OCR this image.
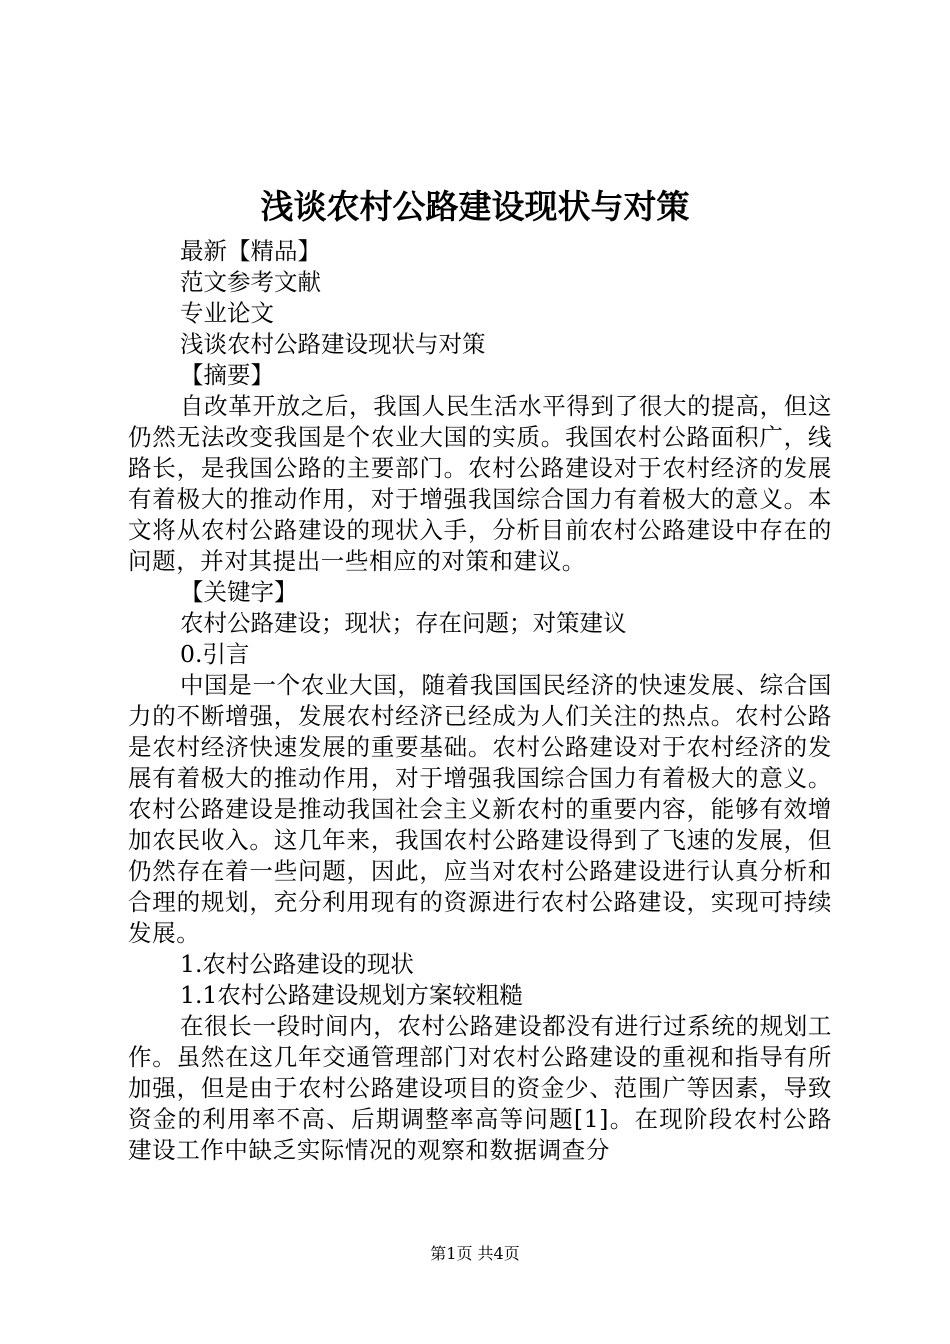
浅谈农村公路建设现状与对策

最新【精品】

范文参考文献

专业论文

浅谈农村公路建设现状与对策

【摘要】

自改革开放之后，我国人民生活水平得到了很大的提高，但这仍然无法改变我国是个农业大国的实质。我国农村公路面积广，线路长，是我国公路的主要部门。农村公路建设对于农村经济的发展有着极大的推动作用，对于增强我国综合国力有着极大的意义。本文将从农村公路建设的现状入手，分析目前农村公路建设中存在的问题，并对其提出一些相应的对策和建议。

【关键字】

农村公路建设；现状；存在问题；对策建议

0.引言

中国是一个农业大国，随着我国国民经济的快速发展、综合国力的不断增强，发展农村经济已经成为人们关注的热点。农村公路是农村经济快速发展的重要基础。农村公路建设对于农村经济的发展有着极大的推动作用，对于增强我国综合国力有着极大的意义。农村公路建设是推动我国社会主义新农村的重要内容，能够有效增加农民收入。这几年来，我国农村公路建设得到了飞速的发展，但仍然存在着一些问题，因此，应当对农村公路建设进行认真分析和合理的规划，充分利用现有的资源进行农村公路建设，实现可持续发展。

1.农村公路建设的现状

1.1农村公路建设规划方案较粗糙

在很长一段时间内，农村公路建设都没有进行过系统的规划工作。虽然在这几年交通管理部门对农村公路建设的重视和指导有所加强，但是由于农村公路建设项目的资金少、范围广等因素，导致资金的利用率不高、后期调整率高等问题[1]。在现阶段农村公路建设工作中缺乏实际情况的观察和数据调查分

第1页 共4页
